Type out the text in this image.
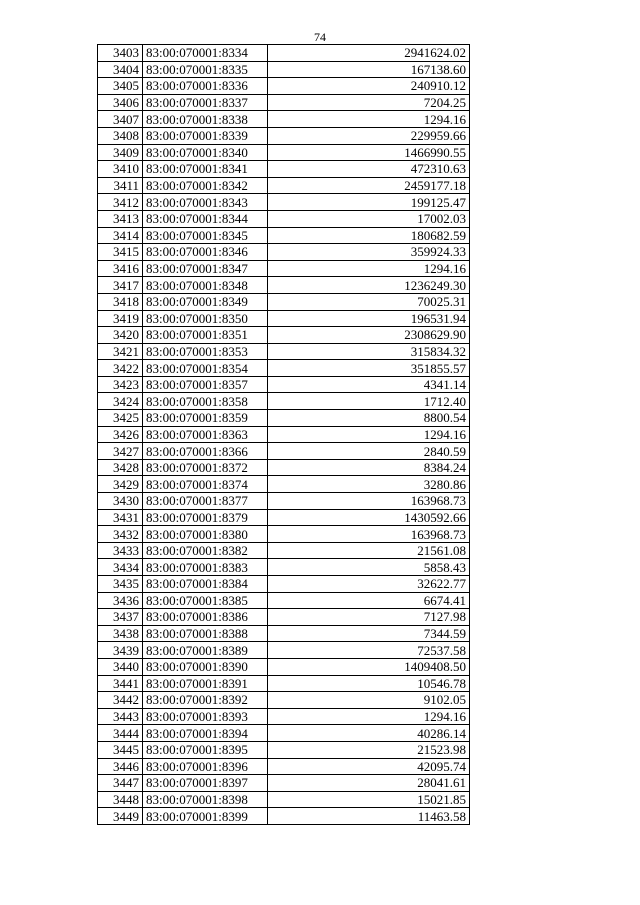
74
3403	83:00:070001:8334	2941624.02
3404	83:00:070001:8335	167138.60
3405	83:00:070001:8336	240910.12
3406	83:00:070001:8337	7204.25
3407	83:00:070001:8338	1294.16
3408	83:00:070001:8339	229959.66
3409	83:00:070001:8340	1466990.55
3410	83:00:070001:8341	472310.63
3411	83:00:070001:8342	2459177.18
3412	83:00:070001:8343	199125.47
3413	83:00:070001:8344	17002.03
3414	83:00:070001:8345	180682.59
3415	83:00:070001:8346	359924.33
3416	83:00:070001:8347	1294.16
3417	83:00:070001:8348	1236249.30
3418	83:00:070001:8349	70025.31
3419	83:00:070001:8350	196531.94
3420	83:00:070001:8351	2308629.90
3421	83:00:070001:8353	315834.32
3422	83:00:070001:8354	351855.57
3423	83:00:070001:8357	4341.14
3424	83:00:070001:8358	1712.40
3425	83:00:070001:8359	8800.54
3426	83:00:070001:8363	1294.16
3427	83:00:070001:8366	2840.59
3428	83:00:070001:8372	8384.24
3429	83:00:070001:8374	3280.86
3430	83:00:070001:8377	163968.73
3431	83:00:070001:8379	1430592.66
3432	83:00:070001:8380	163968.73
3433	83:00:070001:8382	21561.08
3434	83:00:070001:8383	5858.43
3435	83:00:070001:8384	32622.77
3436	83:00:070001:8385	6674.41
3437	83:00:070001:8386	7127.98
3438	83:00:070001:8388	7344.59
3439	83:00:070001:8389	72537.58
3440	83:00:070001:8390	1409408.50
3441	83:00:070001:8391	10546.78
3442	83:00:070001:8392	9102.05
3443	83:00:070001:8393	1294.16
3444	83:00:070001:8394	40286.14
3445	83:00:070001:8395	21523.98
3446	83:00:070001:8396	42095.74
3447	83:00:070001:8397	28041.61
3448	83:00:070001:8398	15021.85
3449	83:00:070001:8399	11463.58
